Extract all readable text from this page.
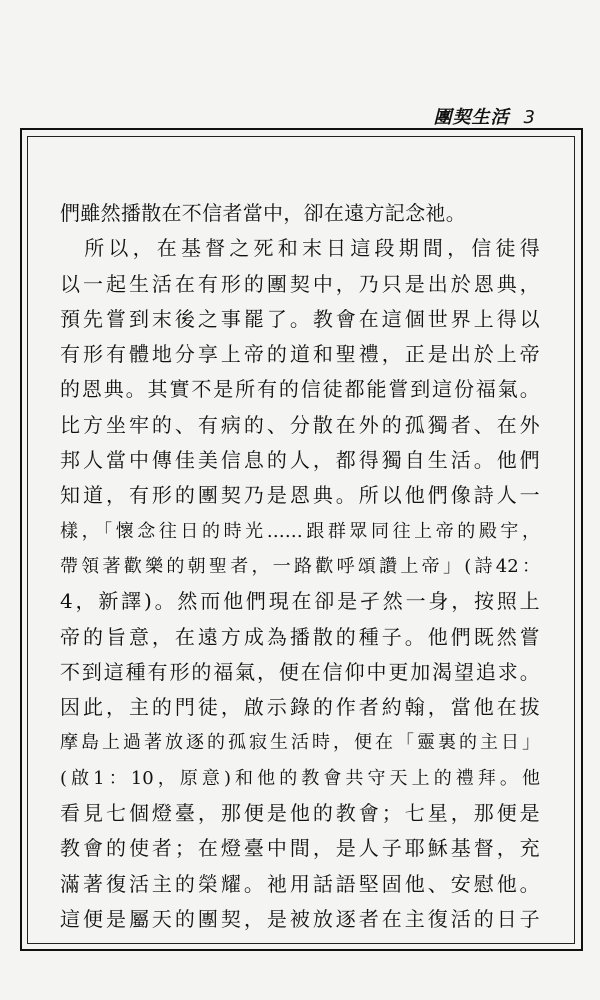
團契生活 3
們雖然播散在不信者當中，卻在遠方記念祂。
　所以，在基督之死和末日這段期間，信徒得
以一起生活在有形的團契中，乃只是出於恩典，
預先嘗到末後之事罷了。教會在這個世界上得以
有形有體地分享上帝的道和聖禮，正是出於上帝
的恩典。其實不是所有的信徒都能嘗到這份福氣。
比方坐牢的、有病的、分散在外的孤獨者、在外
邦人當中傳佳美信息的人，都得獨自生活。他們
知道，有形的團契乃是恩典。所以他們像詩人一
樣，「懷念往日的時光……跟群眾同往上帝的殿宇，
帶領著歡樂的朝聖者，一路歡呼頌讚上帝」(詩42：
4，新譯)。然而他們現在卻是孑然一身，按照上
帝的旨意，在遠方成為播散的種子。他們既然嘗
不到這種有形的福氣，便在信仰中更加渴望追求。
因此，主的門徒，啟示錄的作者約翰，當他在拔
摩島上過著放逐的孤寂生活時，便在「靈裏的主日」
(啟1：10，原意)和他的教會共守天上的禮拜。他
看見七個燈臺，那便是他的教會；七星，那便是
教會的使者；在燈臺中間，是人子耶穌基督，充
滿著復活主的榮耀。祂用話語堅固他、安慰他。
這便是屬天的團契，是被放逐者在主復活的日子
